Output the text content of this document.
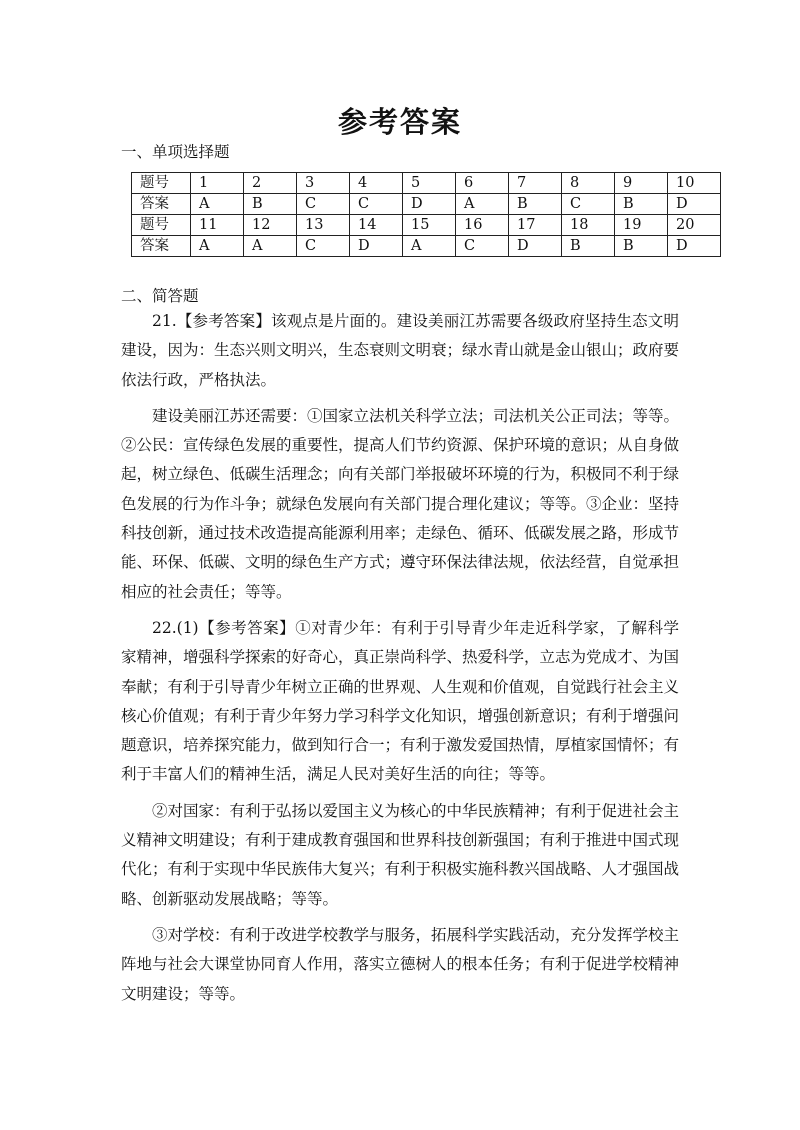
参考答案
一、单项选择题
题号	1	2	3	4	5	6	7	8	9	10
答案	A	B	C	C	D	A	B	C	B	D
题号	11	12	13	14	15	16	17	18	19	20
答案	A	A	C	D	A	C	D	B	B	D
二、简答题

21.【参考答案】该观点是片面的。建设美丽江苏需要各级政府坚持生态文明建设，因为：生态兴则文明兴，生态衰则文明衰；绿水青山就是金山银山；政府要依法行政，严格执法。

建设美丽江苏还需要：①国家立法机关科学立法；司法机关公正司法；等等。②公民：宣传绿色发展的重要性，提高人们节约资源、保护环境的意识；从自身做起，树立绿色、低碳生活理念；向有关部门举报破坏环境的行为，积极同不利于绿色发展的行为作斗争；就绿色发展向有关部门提合理化建议；等等。③企业：坚持科技创新，通过技术改造提高能源利用率；走绿色、循环、低碳发展之路，形成节能、环保、低碳、文明的绿色生产方式；遵守环保法律法规，依法经营，自觉承担相应的社会责任；等等。

22.(1)【参考答案】①对青少年：有利于引导青少年走近科学家，了解科学家精神，增强科学探索的好奇心，真正崇尚科学、热爱科学，立志为党成才、为国奉献；有利于引导青少年树立正确的世界观、人生观和价值观，自觉践行社会主义核心价值观；有利于青少年努力学习科学文化知识，增强创新意识；有利于增强问题意识，培养探究能力，做到知行合一；有利于激发爱国热情，厚植家国情怀；有利于丰富人们的精神生活，满足人民对美好生活的向往；等等。

②对国家：有利于弘扬以爱国主义为核心的中华民族精神；有利于促进社会主义精神文明建设；有利于建成教育强国和世界科技创新强国；有利于推进中国式现代化；有利于实现中华民族伟大复兴；有利于积极实施科教兴国战略、人才强国战略、创新驱动发展战略；等等。

③对学校：有利于改进学校教学与服务，拓展科学实践活动，充分发挥学校主阵地与社会大课堂协同育人作用，落实立德树人的根本任务；有利于促进学校精神文明建设；等等。
